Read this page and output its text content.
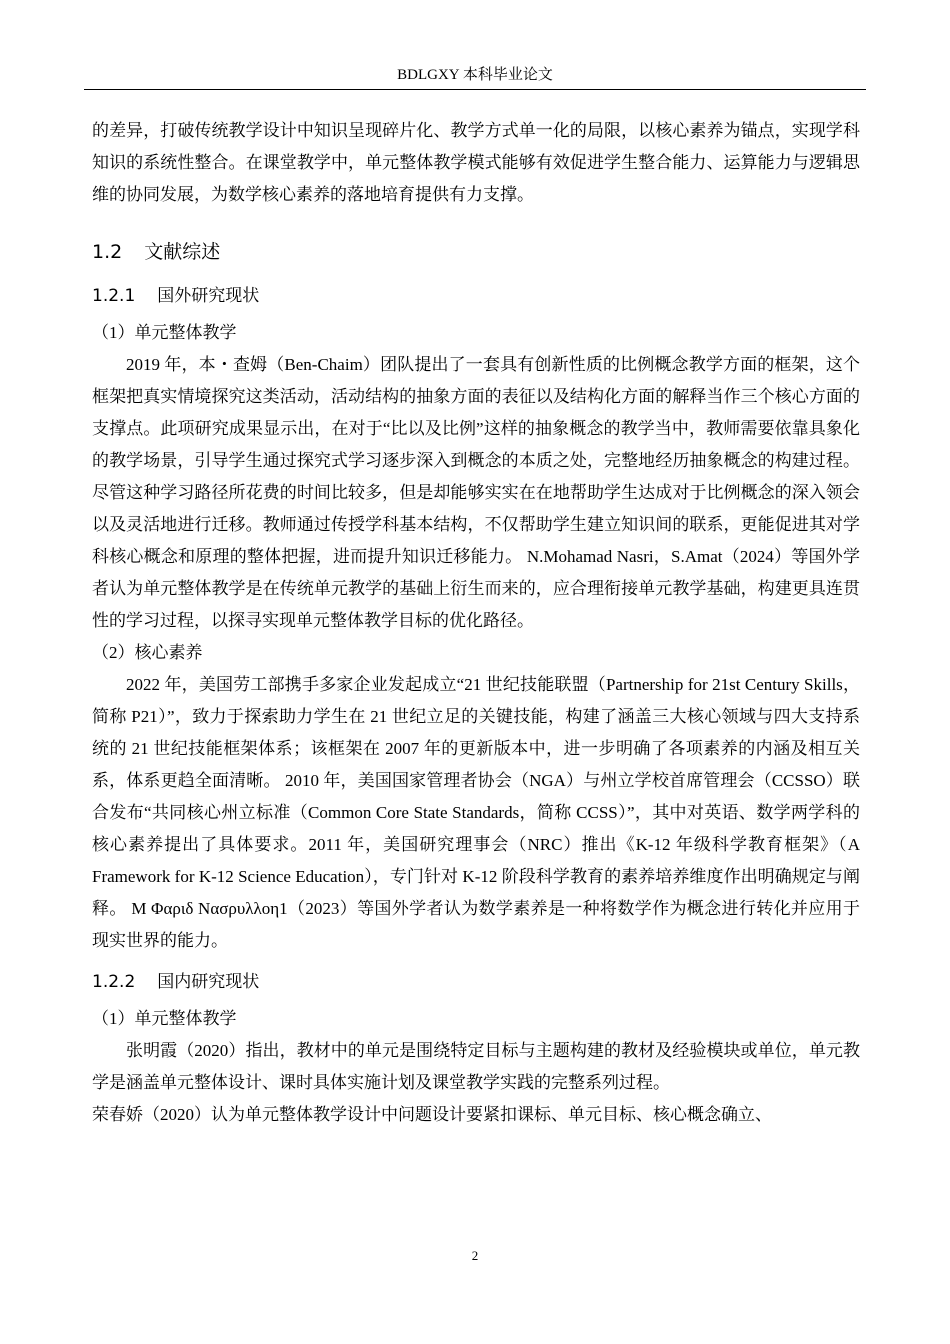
BDLGXY 本科毕业论文

的差异，打破传统教学设计中知识呈现碎片化、教学方式单一化的局限，以核心素养为锚点，实现学科知识的系统性整合。在课堂教学中，单元整体教学模式能够有效促进学生整合能力、运算能力与逻辑思维的协同发展，为数学核心素养的落地培育提供有力支撑。

1.2 文献综述
1.2.1 国外研究现状

（1）单元整体教学

2019 年，本・查姆（Ben-Chaim）团队提出了一套具有创新性质的比例概念教学方面的框架，这个框架把真实情境探究这类活动，活动结构的抽象方面的表征以及结构化方面的解释当作三个核心方面的支撑点。此项研究成果显示出，在对于“比以及比例”这样的抽象概念的教学当中，教师需要依靠具象化的教学场景，引导学生通过探究式学习逐步深入到概念的本质之处，完整地经历抽象概念的构建过程。尽管这种学习路径所花费的时间比较多，但是却能够实实在在地帮助学生达成对于比例概念的深入领会以及灵活地进行迁移。教师通过传授学科基本结构，不仅帮助学生建立知识间的联系，更能促进其对学科核心概念和原理的整体把握，进而提升知识迁移能力。 N.Mohamad Nasri，S.Amat（2024）等国外学者认为单元整体教学是在传统单元教学的基础上衍生而来的，应合理衔接单元教学基础，构建更具连贯性的学习过程，以探寻实现单元整体教学目标的优化路径。

（2）核心素养

2022 年，美国劳工部携手多家企业发起成立“21 世纪技能联盟（Partnership for 21st Century Skills，简称 P21）”，致力于探索助力学生在 21 世纪立足的关键技能，构建了涵盖三大核心领域与四大支持系统的 21 世纪技能框架体系；该框架在 2007 年的更新版本中，进一步明确了各项素养的内涵及相互关系，体系更趋全面清晰。 2010 年，美国国家管理者协会（NGA）与州立学校首席管理会（CCSSO）联合发布“共同核心州立标准（Common Core State Standards，简称 CCSS）”，其中对英语、数学两学科的核心素养提出了具体要求。2011 年，美国研究理事会（NRC）推出《K-12 年级科学教育框架》（A Framework for K-12 Science Education），专门针对 K-12 阶段科学教育的素养培养维度作出明确规定与阐释。 Μ Φαριδ Νασρυλλοη1（2023）等国外学者认为数学素养是一种将数学作为概念进行转化并应用于现实世界的能力。

1.2.2 国内研究现状

（1）单元整体教学

张明霞（2020）指出，教材中的单元是围绕特定目标与主题构建的教材及经验模块或单位，单元教学是涵盖单元整体设计、课时具体实施计划及课堂教学实践的完整系列过程。

荣春娇（2020）认为单元整体教学设计中问题设计要紧扣课标、单元目标、核心概念确立、

2
